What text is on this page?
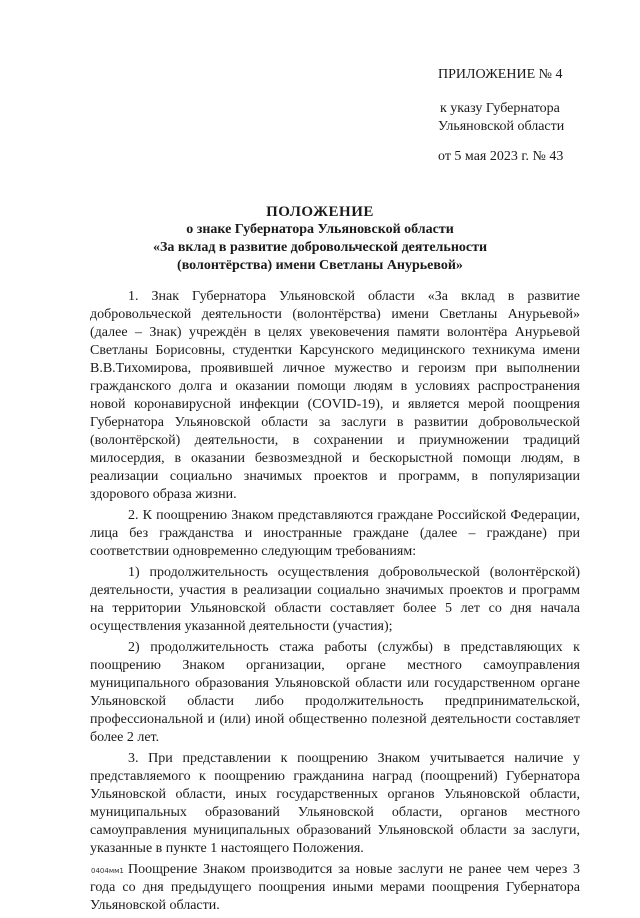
ПРИЛОЖЕНИЕ № 4
к указу Губернатора
Ульяновской области
от 5 мая 2023 г. № 43
ПОЛОЖЕНИЕ
о знаке Губернатора Ульяновской области
«За вклад в развитие добровольческой деятельности
(волонтёрства) имени Светланы Анурьевой»

1. Знак Губернатора Ульяновской области «За вклад в развитие добровольческой деятельности (волонтёрства) имени Светланы Анурьевой» (далее – Знак) учреждён в целях увековечения памяти волонтёра Анурьевой Светланы Борисовны, студентки Карсунского медицинского техникума имени В.В.Тихомирова, проявившей личное мужество и героизм при выполнении гражданского долга и оказании помощи людям в условиях распространения новой коронавирусной инфекции (COVID-19), и является мерой поощрения Губернатора Ульяновской области за заслуги в развитии добровольческой (волонтёрской) деятельности, в сохранении и приумножении традиций милосердия, в оказании безвозмездной и бескорыстной помощи людям, в реализации социально значимых проектов и программ, в популяризации здорового образа жизни.

2. К поощрению Знаком представляются граждане Российской Федерации, лица без гражданства и иностранные граждане (далее – граждане) при соответствии одновременно следующим требованиям:

1) продолжительность осуществления добровольческой (волонтёрской) деятельности, участия в реализации социально значимых проектов и программ на территории Ульяновской области составляет более 5 лет со дня начала осуществления указанной деятельности (участия);

2) продолжительность стажа работы (службы) в представляющих к поощрению Знаком организации, органе местного самоуправления муниципального образования Ульяновской области или государственном органе Ульяновской области либо продолжительность предпринимательской, профессиональной и (или) иной общественно полезной деятельности составляет более 2 лет.

3. При представлении к поощрению Знаком учитывается наличие у представляемого к поощрению гражданина наград (поощрений) Губернатора Ульяновской области, иных государственных органов Ульяновской области, муниципальных образований Ульяновской области, органов местного самоуправления муниципальных образований Ульяновской области за заслуги, указанные в пункте 1 настоящего Положения.

Поощрение Знаком производится за новые заслуги не ранее чем через 3 года со дня предыдущего поощрения иными мерами поощрения Губернатора Ульяновской области.

0404мм1
